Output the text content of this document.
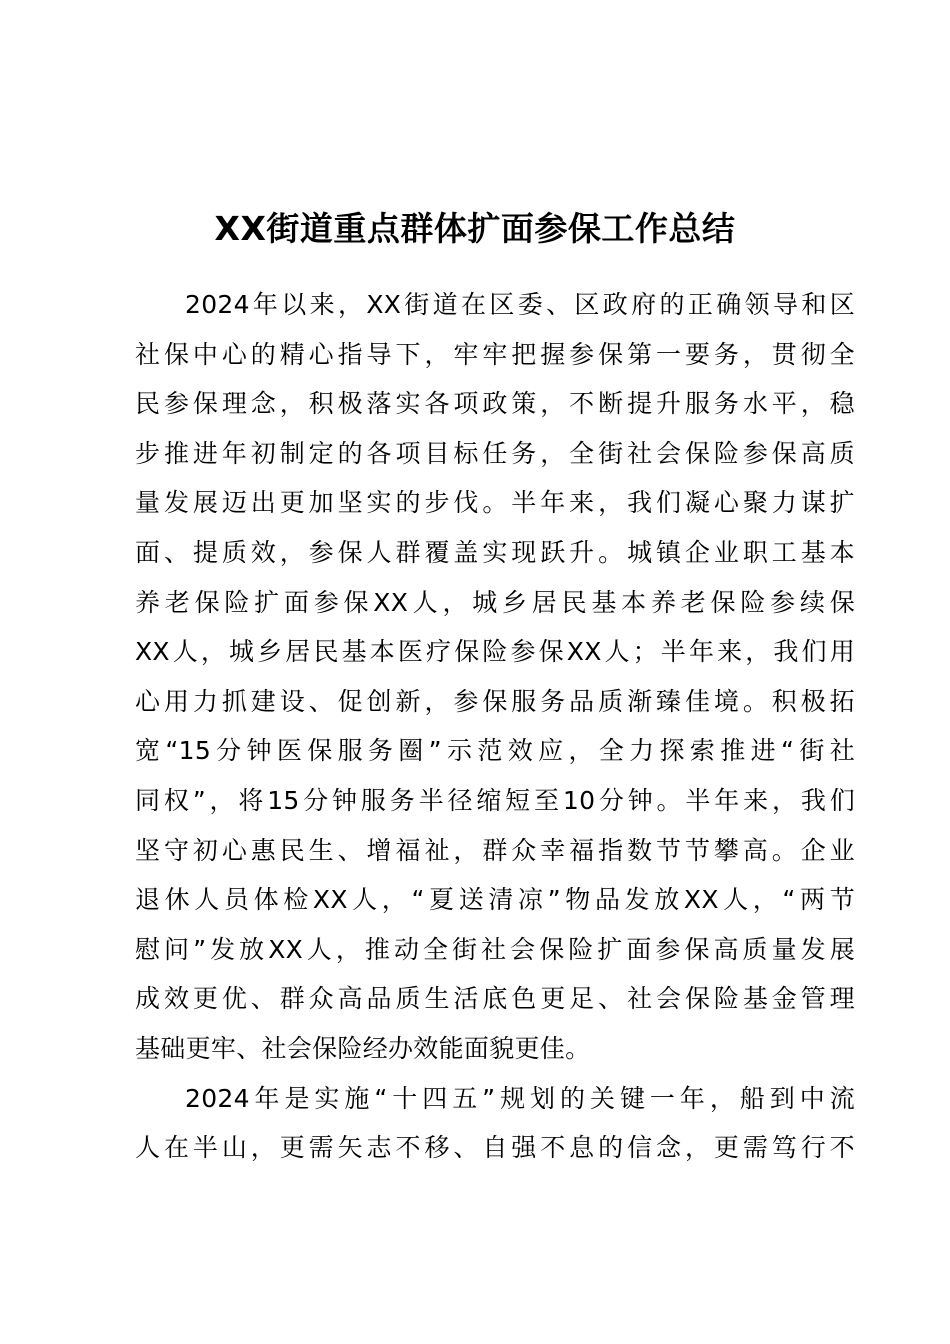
XX街道重点群体扩面参保工作总结
2024年以来，XX街道在区委、区政府的正确领导和区
社保中心的精心指导下，牢牢把握参保第一要务，贯彻全
民参保理念，积极落实各项政策，不断提升服务水平，稳
步推进年初制定的各项目标任务，全街社会保险参保高质
量发展迈出更加坚实的步伐。半年来，我们凝心聚力谋扩
面、提质效，参保人群覆盖实现跃升。城镇企业职工基本
养老保险扩面参保XX人，城乡居民基本养老保险参续保
XX人，城乡居民基本医疗保险参保XX人；半年来，我们用
心用力抓建设、促创新，参保服务品质渐臻佳境。积极拓
宽“15分钟医保服务圈”示范效应，全力探索推进“街社
同权”，将15分钟服务半径缩短至10分钟。半年来，我们
坚守初心惠民生、增福祉，群众幸福指数节节攀高。企业
退休人员体检XX人，“夏送清凉”物品发放XX人，“两节
慰问”发放XX人，推动全街社会保险扩面参保高质量发展
成效更优、群众高品质生活底色更足、社会保险基金管理
基础更牢、社会保险经办效能面貌更佳。
2024年是实施“十四五”规划的关键一年，船到中流
人在半山，更需矢志不移、自强不息的信念，更需笃行不
